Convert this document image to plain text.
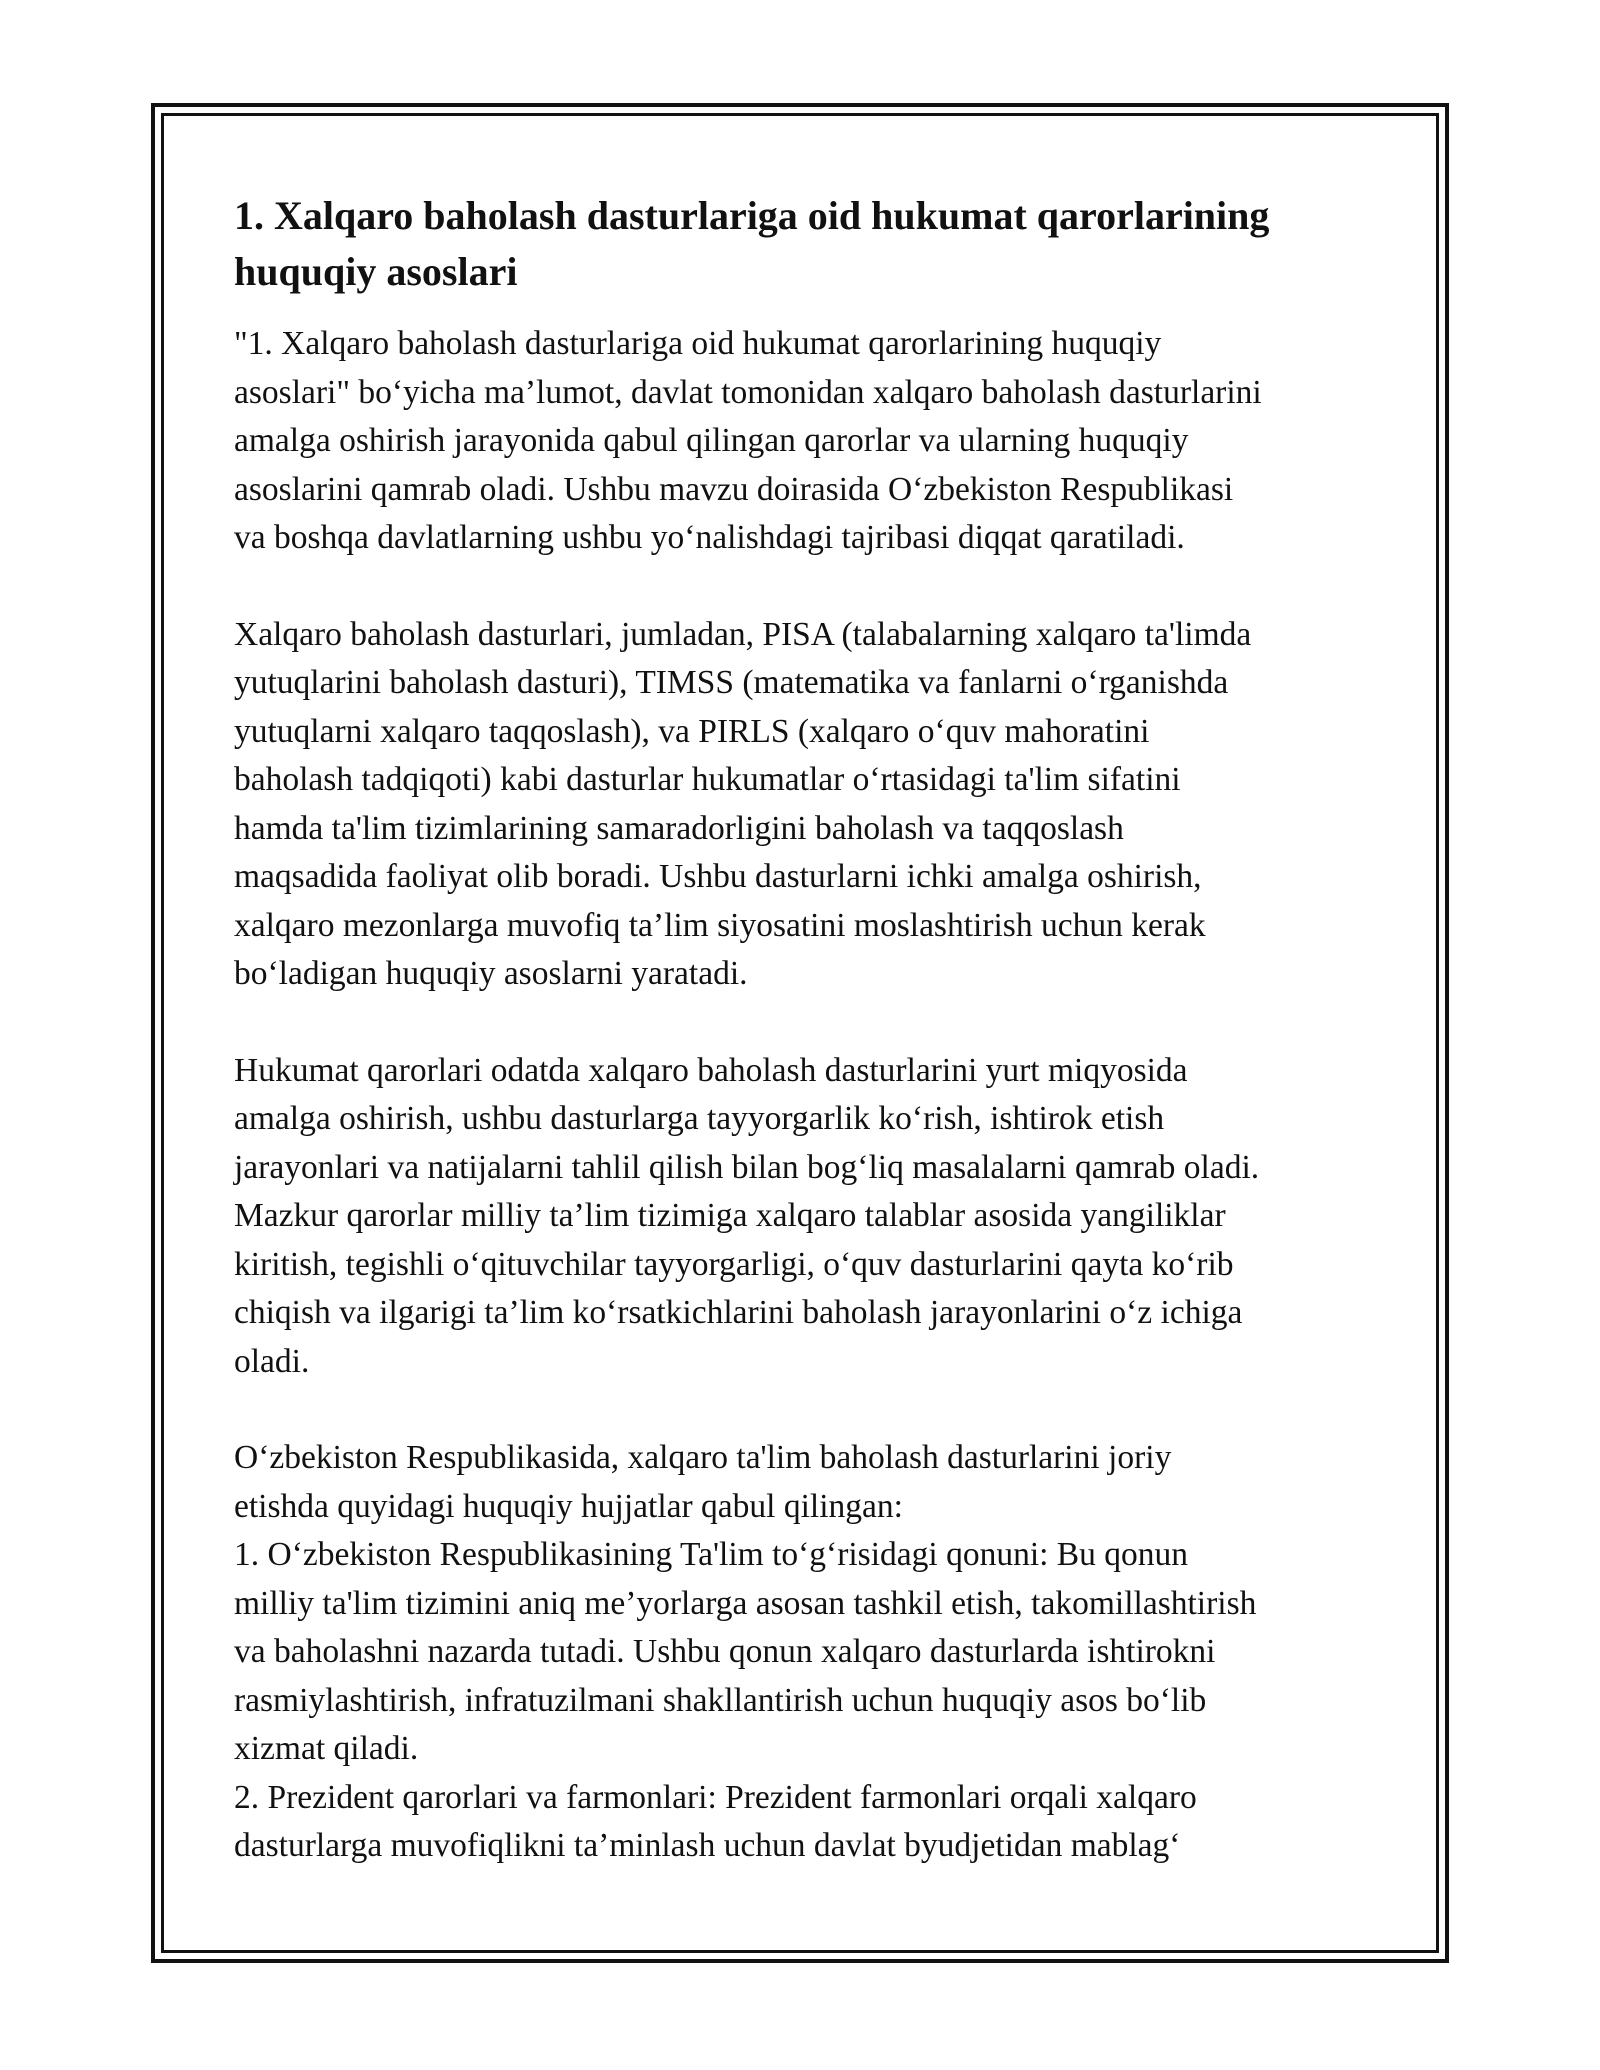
1. Xalqaro baholash dasturlariga oid hukumat qarorlarining
huquqiy asoslari

"1. Xalqaro baholash dasturlariga oid hukumat qarorlarining huquqiy
asoslari" bo‘yicha ma’lumot, davlat tomonidan xalqaro baholash dasturlarini
amalga oshirish jarayonida qabul qilingan qarorlar va ularning huquqiy
asoslarini qamrab oladi. Ushbu mavzu doirasida O‘zbekiston Respublikasi
va boshqa davlatlarning ushbu yo‘nalishdagi tajribasi diqqat qaratiladi.

Xalqaro baholash dasturlari, jumladan, PISA (talabalarning xalqaro ta'limda
yutuqlarini baholash dasturi), TIMSS (matematika va fanlarni o‘rganishda
yutuqlarni xalqaro taqqoslash), va PIRLS (xalqaro o‘quv mahoratini
baholash tadqiqoti) kabi dasturlar hukumatlar o‘rtasidagi ta'lim sifatini
hamda ta'lim tizimlarining samaradorligini baholash va taqqoslash
maqsadida faoliyat olib boradi. Ushbu dasturlarni ichki amalga oshirish,
xalqaro mezonlarga muvofiq ta’lim siyosatini moslashtirish uchun kerak
bo‘ladigan huquqiy asoslarni yaratadi.

Hukumat qarorlari odatda xalqaro baholash dasturlarini yurt miqyosida
amalga oshirish, ushbu dasturlarga tayyorgarlik ko‘rish, ishtirok etish
jarayonlari va natijalarni tahlil qilish bilan bog‘liq masalalarni qamrab oladi.
Mazkur qarorlar milliy ta’lim tizimiga xalqaro talablar asosida yangiliklar
kiritish, tegishli o‘qituvchilar tayyorgarligi, o‘quv dasturlarini qayta ko‘rib
chiqish va ilgarigi ta’lim ko‘rsatkichlarini baholash jarayonlarini o‘z ichiga
oladi.

O‘zbekiston Respublikasida, xalqaro ta'lim baholash dasturlarini joriy
etishda quyidagi huquqiy hujjatlar qabul qilingan:
1. O‘zbekiston Respublikasining Ta'lim to‘g‘risidagi qonuni: Bu qonun
milliy ta'lim tizimini aniq me’yorlarga asosan tashkil etish, takomillashtirish
va baholashni nazarda tutadi. Ushbu qonun xalqaro dasturlarda ishtirokni
rasmiylashtirish, infratuzilmani shakllantirish uchun huquqiy asos bo‘lib
xizmat qiladi.
2. Prezident qarorlari va farmonlari: Prezident farmonlari orqali xalqaro
dasturlarga muvofiqlikni ta’minlash uchun davlat byudjetidan mablag‘
